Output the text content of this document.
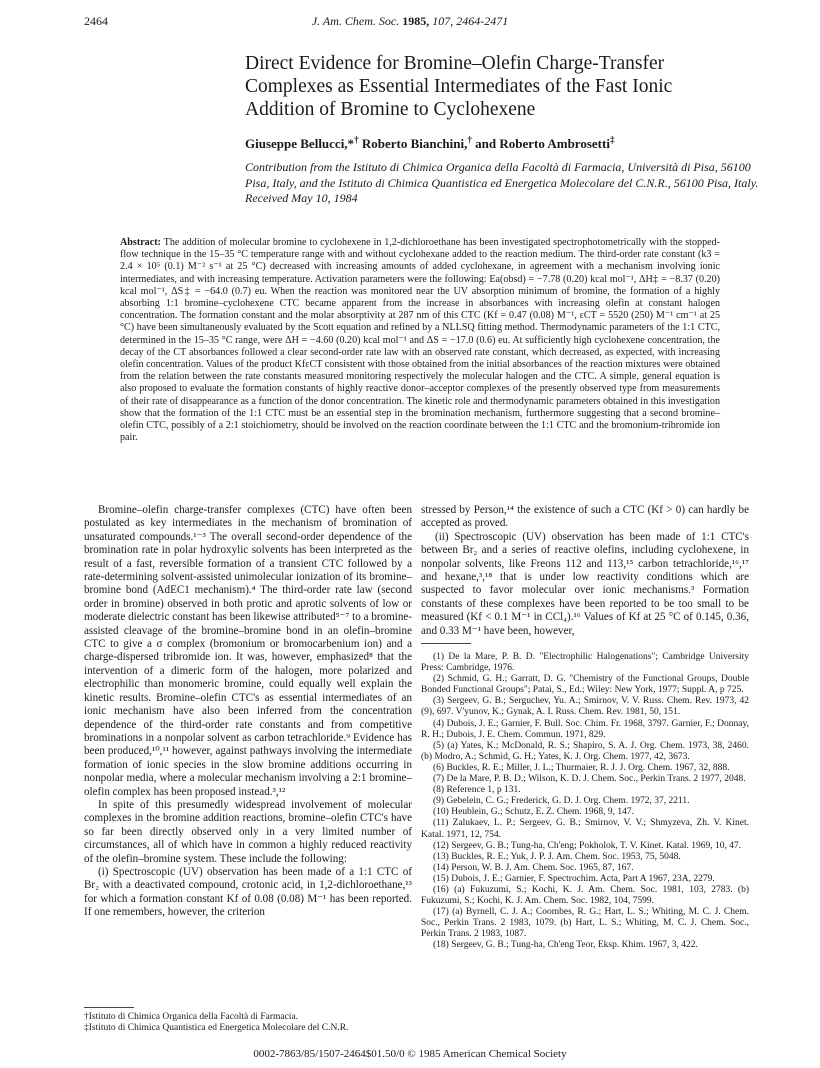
2464	J. Am. Chem. Soc. 1985, 107, 2464-2471
Direct Evidence for Bromine–Olefin Charge-Transfer
Complexes as Essential Intermediates of the Fast Ionic
Addition of Bromine to Cyclohexene
Giuseppe Bellucci,*† Roberto Bianchini,† and Roberto Ambrosetti‡
Contribution from the Istituto di Chimica Organica della Facoltà di Farmacia, Università di Pisa, 56100 Pisa, Italy, and the Istituto di Chimica Quantistica ed Energetica Molecolare del C.N.R., 56100 Pisa, Italy. Received May 10, 1984
Abstract: The addition of molecular bromine to cyclohexene in 1,2-dichloroethane has been investigated spectrophotometrically with the stopped-flow technique in the 15–35 °C temperature range with and without cyclohexane added to the reaction medium. The third-order rate constant (k3 = 2.4 × 10⁵ (0.1) M⁻² s⁻¹ at 25 °C) decreased with increasing amounts of added cyclohexane, in agreement with a mechanism involving ionic intermediates, and with increasing temperature. Activation parameters were the following: Ea(obsd) = −7.78 (0.20) kcal mol⁻¹, ΔH‡ = −8.37 (0.20) kcal mol⁻¹, ΔS‡ = −64.0 (0.7) eu. When the reaction was monitored near the UV absorption minimum of bromine, the formation of a highly absorbing 1:1 bromine–cyclohexene CTC became apparent from the increase in absorbances with increasing olefin at constant halogen concentration. The formation constant and the molar absorptivity at 287 nm of this CTC (Kf = 0.47 (0.08) M⁻¹, εCT = 5520 (250) M⁻¹ cm⁻¹ at 25 °C) have been simultaneously evaluated by the Scott equation and refined by a NLLSQ fitting method. Thermodynamic parameters of the 1:1 CTC, determined in the 15–35 °C range, were ΔH = −4.60 (0.20) kcal mol⁻¹ and ΔS = −17.0 (0.6) eu. At sufficiently high cyclohexene concentration, the decay of the CT absorbances followed a clear second-order rate law with an observed rate constant, which decreased, as expected, with increasing olefin concentration. Values of the product KfεCT consistent with those obtained from the initial absorbances of the reaction mixtures were obtained from the relation between the rate constants measured monitoring respectively the molecular halogen and the CTC. A simple, general equation is also proposed to evaluate the formation constants of highly reactive donor–acceptor complexes of the presently observed type from measurements of their rate of disappearance as a function of the donor concentration. The kinetic role and thermodynamic parameters obtained in this investigation show that the formation of the 1:1 CTC must be an essential step in the bromination mechanism, furthermore suggesting that a second bromine–olefin CTC, possibly of a 2:1 stoichiometry, should be involved on the reaction coordinate between the 1:1 CTC and the bromonium-tribromide ion pair.

Bromine–olefin charge-transfer complexes (CTC) have often been postulated as key intermediates in the mechanism of bromination of unsaturated compounds.¹⁻³ The overall second-order dependence of the bromination rate in polar hydroxylic solvents has been interpreted as the result of a fast, reversible formation of a transient CTC followed by a rate-determining solvent-assisted unimolecular ionization of its bromine–bromine bond (AdEC1 mechanism).⁴ The third-order rate law (second order in bromine) observed in both protic and aprotic solvents of low or moderate dielectric constant has been likewise attributed⁵⁻⁷ to a bromine-assisted cleavage of the bromine–bromine bond in an olefin–bromine CTC to give a σ complex (bromonium or bromocarbenium ion) and a charge-dispersed tribromide ion. It was, however, emphasized⁸ that the intervention of a dimeric form of the halogen, more polarized and electrophilic than monomeric bromine, could equally well explain the kinetic results. Bromine–olefin CTC's as essential intermediates of an ionic mechanism have also been inferred from the concentration dependence of the third-order rate constants and from competitive brominations in a nonpolar solvent as carbon tetrachloride.⁹ Evidence has been produced,¹⁰,¹¹ however, against pathways involving the intermediate formation of ionic species in the slow bromine additions occurring in nonpolar media, where a molecular mechanism involving a 2:1 bromine–olefin complex has been proposed instead.³,¹²

In spite of this presumedly widespread involvement of molecular complexes in the bromine addition reactions, bromine–olefin CTC's have so far been directly observed only in a very limited number of circumstances, all of which have in common a highly reduced reactivity of the olefin–bromine system. These include the following:

(i) Spectroscopic (UV) observation has been made of a 1:1 CTC of Br₂ with a deactivated compound, crotonic acid, in 1,2-dichloroethane,¹³ for which a formation constant Kf of 0.08 (0.08) M⁻¹ has been reported. If one remembers, however, the criterion

stressed by Person,¹⁴ the existence of such a CTC (Kf > 0) can hardly be accepted as proved.

(ii) Spectroscopic (UV) observation has been made of 1:1 CTC's between Br₂ and a series of reactive olefins, including cyclohexene, in nonpolar solvents, like Freons 112 and 113,¹⁵ carbon tetrachloride,¹⁶,¹⁷ and hexane,³,¹⁸ that is under low reactivity conditions which are suspected to favor molecular over ionic mechanisms.³ Formation constants of these complexes have been reported to be too small to be measured (Kf < 0.1 M⁻¹ in CCl₄).¹⁶ Values of Kf at 25 °C of 0.145, 0.36, and 0.33 M⁻¹ have been, however,

(1) De la Mare, P. B. D. "Electrophilic Halogenations"; Cambridge University Press: Cambridge, 1976.
(2) Schmid, G. H.; Garratt, D. G. "Chemistry of the Functional Groups, Double Bonded Functional Groups"; Patai, S., Ed.; Wiley: New York, 1977; Suppl. A, p 725.
(3) Sergeev, G. B.; Serguchev, Yu. A.; Smirnov, V. V. Russ. Chem. Rev. 1973, 42 (9), 697. V'yunov, K.; Gynak, A. I. Russ. Chem. Rev. 1981, 50, 151.
(4) Dubois, J. E.; Garnier, F. Bull. Soc. Chim. Fr. 1968, 3797. Garnier, F.; Donnay, R. H.; Dubois, J. E. Chem. Commun. 1971, 829.
(5) (a) Yates, K.; McDonald, R. S.; Shapiro, S. A. J. Org. Chem. 1973, 38, 2460. (b) Modro, A.; Schmid, G. H.; Yates, K. J. Org. Chem. 1977, 42, 3673.
(6) Buckles, R. E.; Miller, J. L.; Thurmaier, R. J. J. Org. Chem. 1967, 32, 888.
(7) De la Mare, P. B. D.; Wilson, K. D. J. Chem. Soc., Perkin Trans. 2 1977, 2048.
(8) Reference 1, p 131.
(9) Gebelein, C. G.; Frederick, G. D. J. Org. Chem. 1972, 37, 2211.
(10) Heublein, G.; Schutz, E. Z. Chem. 1968, 9, 147.
(11) Zalukaev, L. P.; Sergeev, G. B.; Smirnov, V. V.; Shmyzeva, Zh. V. Kinet. Katal. 1971, 12, 754.
(12) Sergeev, G. B.; Tung-ha, Ch'eng; Pokholok, T. V. Kinet. Katal. 1969, 10, 47.
(13) Buckles, R. E.; Yuk, J. P. J. Am. Chem. Soc. 1953, 75, 5048.
(14) Person, W. B. J. Am. Chem. Soc. 1965, 87, 167.
(15) Dubois, J. E.; Garnier, F. Spectrochim. Acta, Part A 1967, 23A, 2279.
(16) (a) Fukuzumi, S.; Kochi, K. J. Am. Chem. Soc. 1981, 103, 2783. (b) Fukuzumi, S.; Kochi, K. J. Am. Chem. Soc. 1982, 104, 7599.
(17) (a) Byrnell, C. J. A.; Coombes, R. G.; Hart, L. S.; Whiting, M. C. J. Chem. Soc., Perkin Trans. 2 1983, 1079. (b) Hart, L. S.; Whiting, M. C. J. Chem. Soc., Perkin Trans. 2 1983, 1087.
(18) Sergeev, G. B.; Tung-ha, Ch'eng Teor, Eksp. Khim. 1967, 3, 422.
†Istituto di Chimica Organica della Facoltà di Farmacia.
‡Istituto di Chimica Quantistica ed Energetica Molecolare del C.N.R.
0002-7863/85/1507-2464$01.50/0 © 1985 American Chemical Society
